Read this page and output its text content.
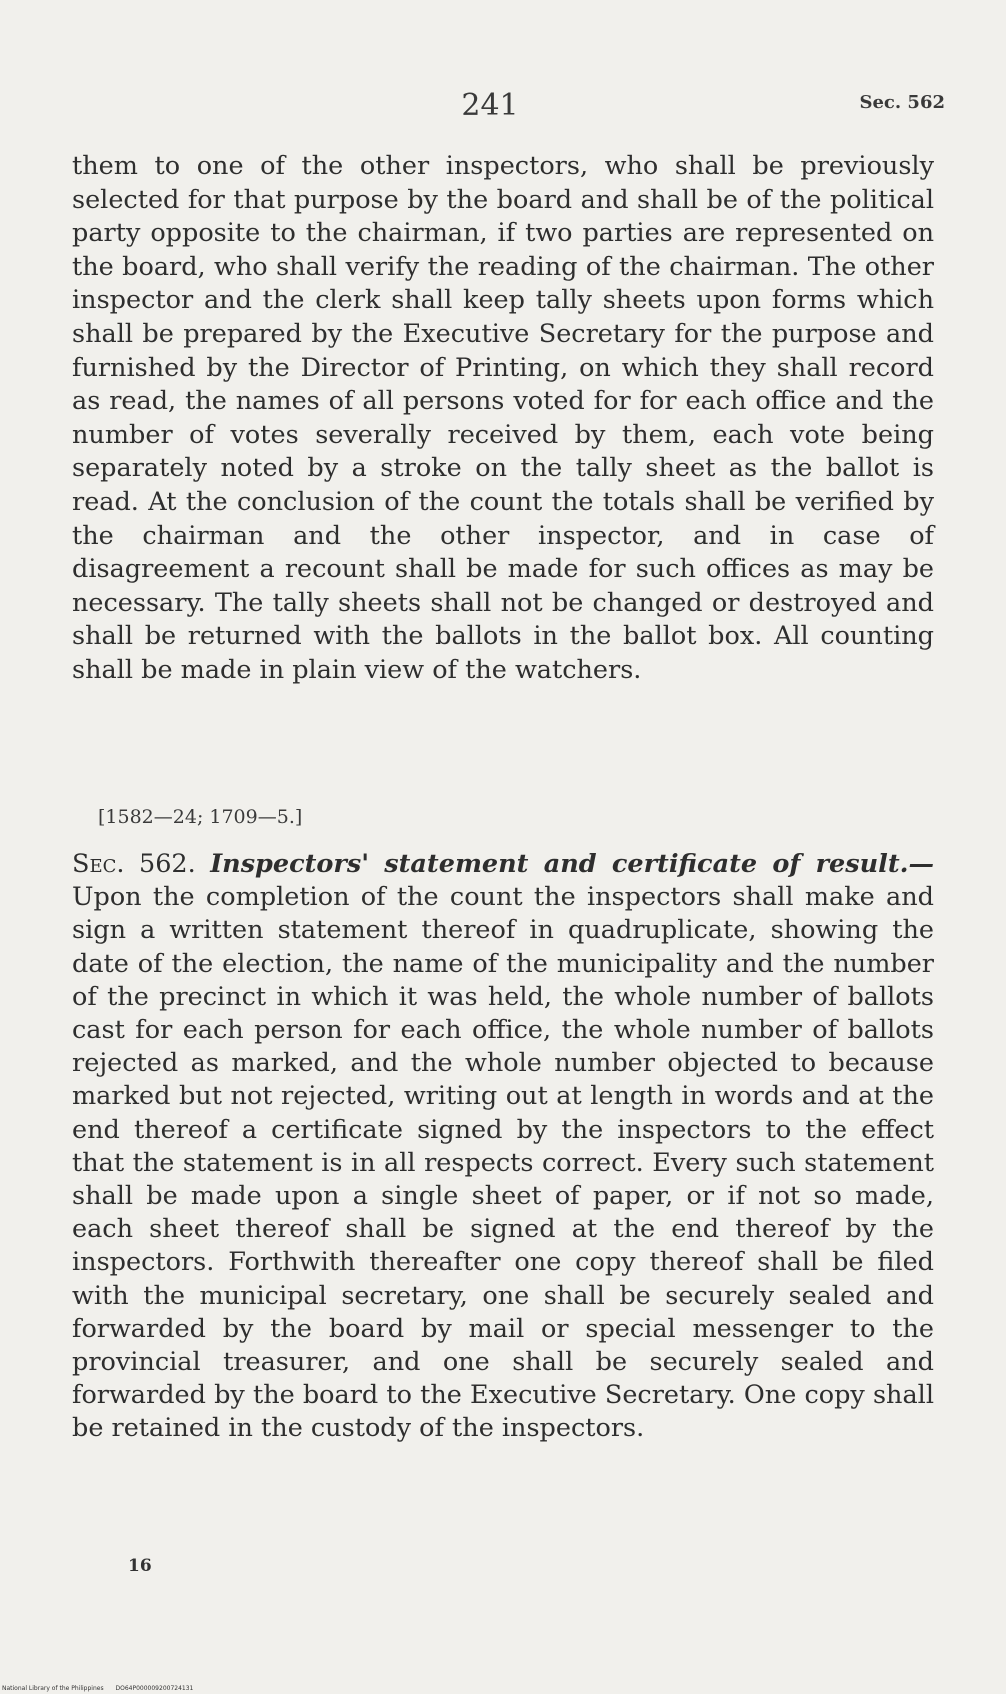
241	Sec. 562
them to one of the other inspectors, who shall be previously selected for that purpose by the board and shall be of the political party opposite to the chairman, if two parties are represented on the board, who shall verify the reading of the chairman. The other inspector and the clerk shall keep tally sheets upon forms which shall be prepared by the Executive Secretary for the purpose and furnished by the Director of Printing, on which they shall record as read, the names of all persons voted for for each office and the number of votes severally received by them, each vote being separately noted by a stroke on the tally sheet as the ballot is read. At the conclusion of the count the totals shall be verified by the chairman and the other inspector, and in case of disagreement a recount shall be made for such offices as may be necessary. The tally sheets shall not be changed or destroyed and shall be returned with the ballots in the ballot box. All counting shall be made in plain view of the watchers.
[1582—24; 1709—5.]
Sec. 562. Inspectors' statement and certificate of result.— Upon the completion of the count the inspectors shall make and sign a written statement thereof in quadruplicate, showing the date of the election, the name of the municipality and the number of the precinct in which it was held, the whole number of ballots cast for each person for each office, the whole number of ballots rejected as marked, and the whole number objected to because marked but not rejected, writing out at length in words and at the end thereof a certificate signed by the inspectors to the effect that the statement is in all respects correct. Every such statement shall be made upon a single sheet of paper, or if not so made, each sheet thereof shall be signed at the end thereof by the inspectors. Forthwith thereafter one copy thereof shall be filed with the municipal secretary, one shall be securely sealed and forwarded by the board by mail or special messenger to the provincial treasurer, and one shall be securely sealed and forwarded by the board to the Executive Secretary. One copy shall be retained in the custody of the inspectors.
16
National Library of the Philippines DO64P000009200724131
